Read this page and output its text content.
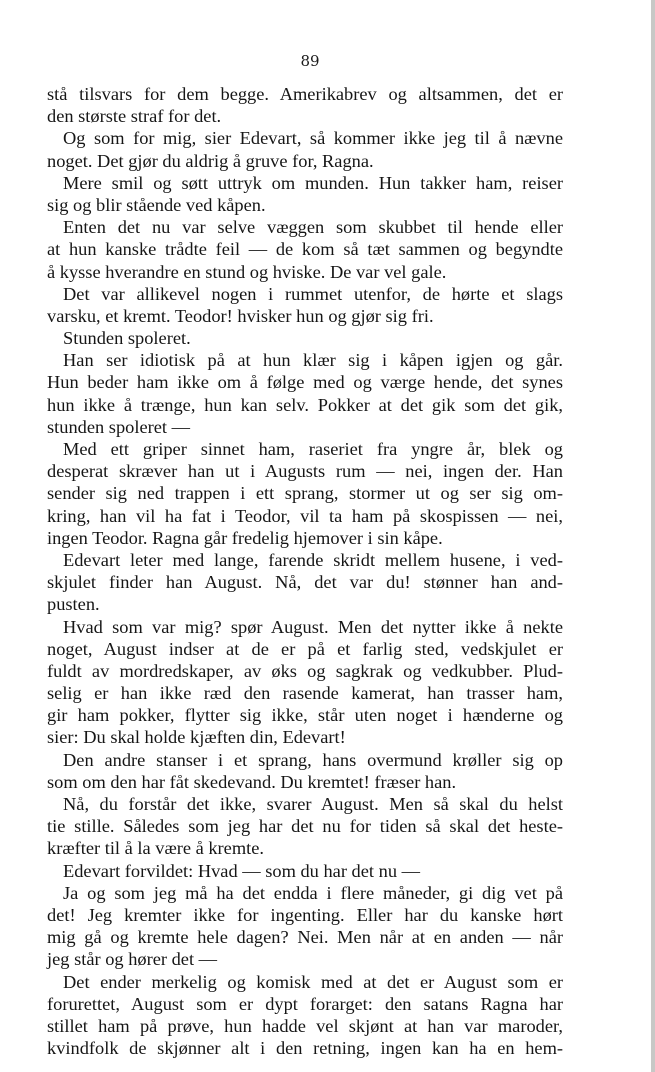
89
stå tilsvars for dem begge. Amerikabrev og altsammen, det er
den største straf for det.
Og som for mig, sier Edevart, så kommer ikke jeg til å nævne
noget. Det gjør du aldrig å gruve for, Ragna.
Mere smil og søtt uttryk om munden. Hun takker ham, reiser
sig og blir stående ved kåpen.
Enten det nu var selve væggen som skubbet til hende eller
at hun kanske trådte feil — de kom så tæt sammen og begyndte
å kysse hverandre en stund og hviske. De var vel gale.
Det var allikevel nogen i rummet utenfor, de hørte et slags
varsku, et kremt. Teodor! hvisker hun og gjør sig fri.
Stunden spoleret.
Han ser idiotisk på at hun klær sig i kåpen igjen og går.
Hun beder ham ikke om å følge med og værge hende, det synes
hun ikke å trænge, hun kan selv. Pokker at det gik som det gik,
stunden spoleret —
Med ett griper sinnet ham, raseriet fra yngre år, blek og
desperat skræver han ut i Augusts rum — nei, ingen der. Han
sender sig ned trappen i ett sprang, stormer ut og ser sig om-
kring, han vil ha fat i Teodor, vil ta ham på skospissen — nei,
ingen Teodor. Ragna går fredelig hjemover i sin kåpe.
Edevart leter med lange, farende skridt mellem husene, i ved-
skjulet finder han August. Nå, det var du! stønner han and-
pusten.
Hvad som var mig? spør August. Men det nytter ikke å nekte
noget, August indser at de er på et farlig sted, vedskjulet er
fuldt av mordredskaper, av øks og sagkrak og vedkubber. Plud-
selig er han ikke ræd den rasende kamerat, han trasser ham,
gir ham pokker, flytter sig ikke, står uten noget i hænderne og
sier: Du skal holde kjæften din, Edevart!
Den andre stanser i et sprang, hans overmund krøller sig op
som om den har fåt skedevand. Du kremtet! fræser han.
Nå, du forstår det ikke, svarer August. Men så skal du helst
tie stille. Således som jeg har det nu for tiden så skal det heste-
kræfter til å la være å kremte.
Edevart forvildet: Hvad — som du har det nu —
Ja og som jeg må ha det endda i flere måneder, gi dig vet på
det! Jeg kremter ikke for ingenting. Eller har du kanske hørt
mig gå og kremte hele dagen? Nei. Men når at en anden — når
jeg står og hører det —
Det ender merkelig og komisk med at det er August som er
forurettet, August som er dypt forarget: den satans Ragna har
stillet ham på prøve, hun hadde vel skjønt at han var maroder,
kvindfolk de skjønner alt i den retning, ingen kan ha en hem-
